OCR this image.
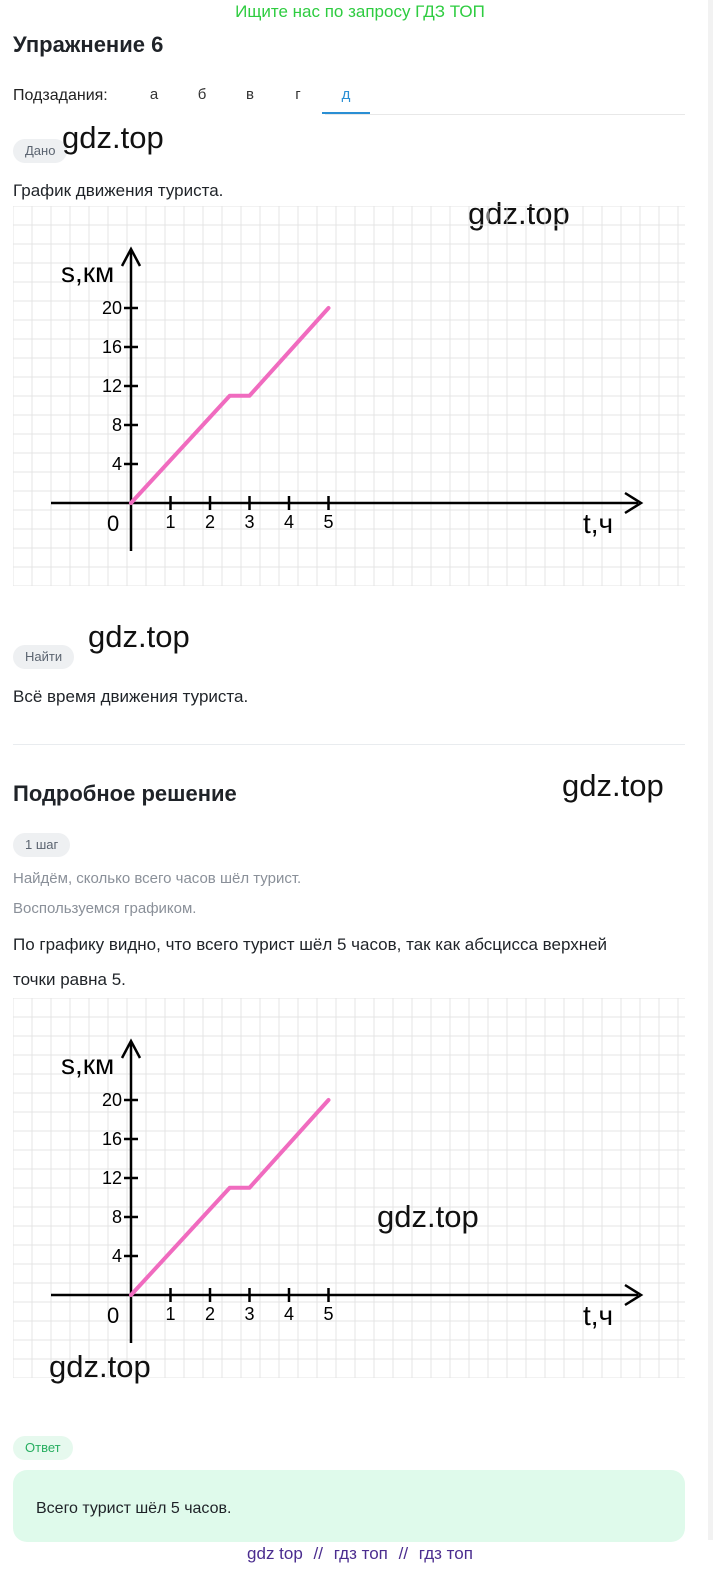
Ищите нас по запросу ГДЗ ТОП
Упражнение 6
Подзадания:	а	б	в	г	д
Дано gdz.top
График движения туриста.
gdz.top
1 2 3 4 5
4
8
12
16
20
0
s,км
t,ч
gdz.top
Найти
Всё время движения туриста.
Подробное решение	gdz.top
1 шаг
Найдём, сколько всего часов шёл турист.
Воспользуемся графиком.
По графику видно, что всего турист шёл 5 часов, так как абсцисса верхней
точки равна 5.
1 2 3 4 5
4
8
12
16
20
0
s,км
t,ч
gdz.top
gdz.top
Ответ
Всего турист шёл 5 часов.
gdz top // гдз топ // гдз топ
